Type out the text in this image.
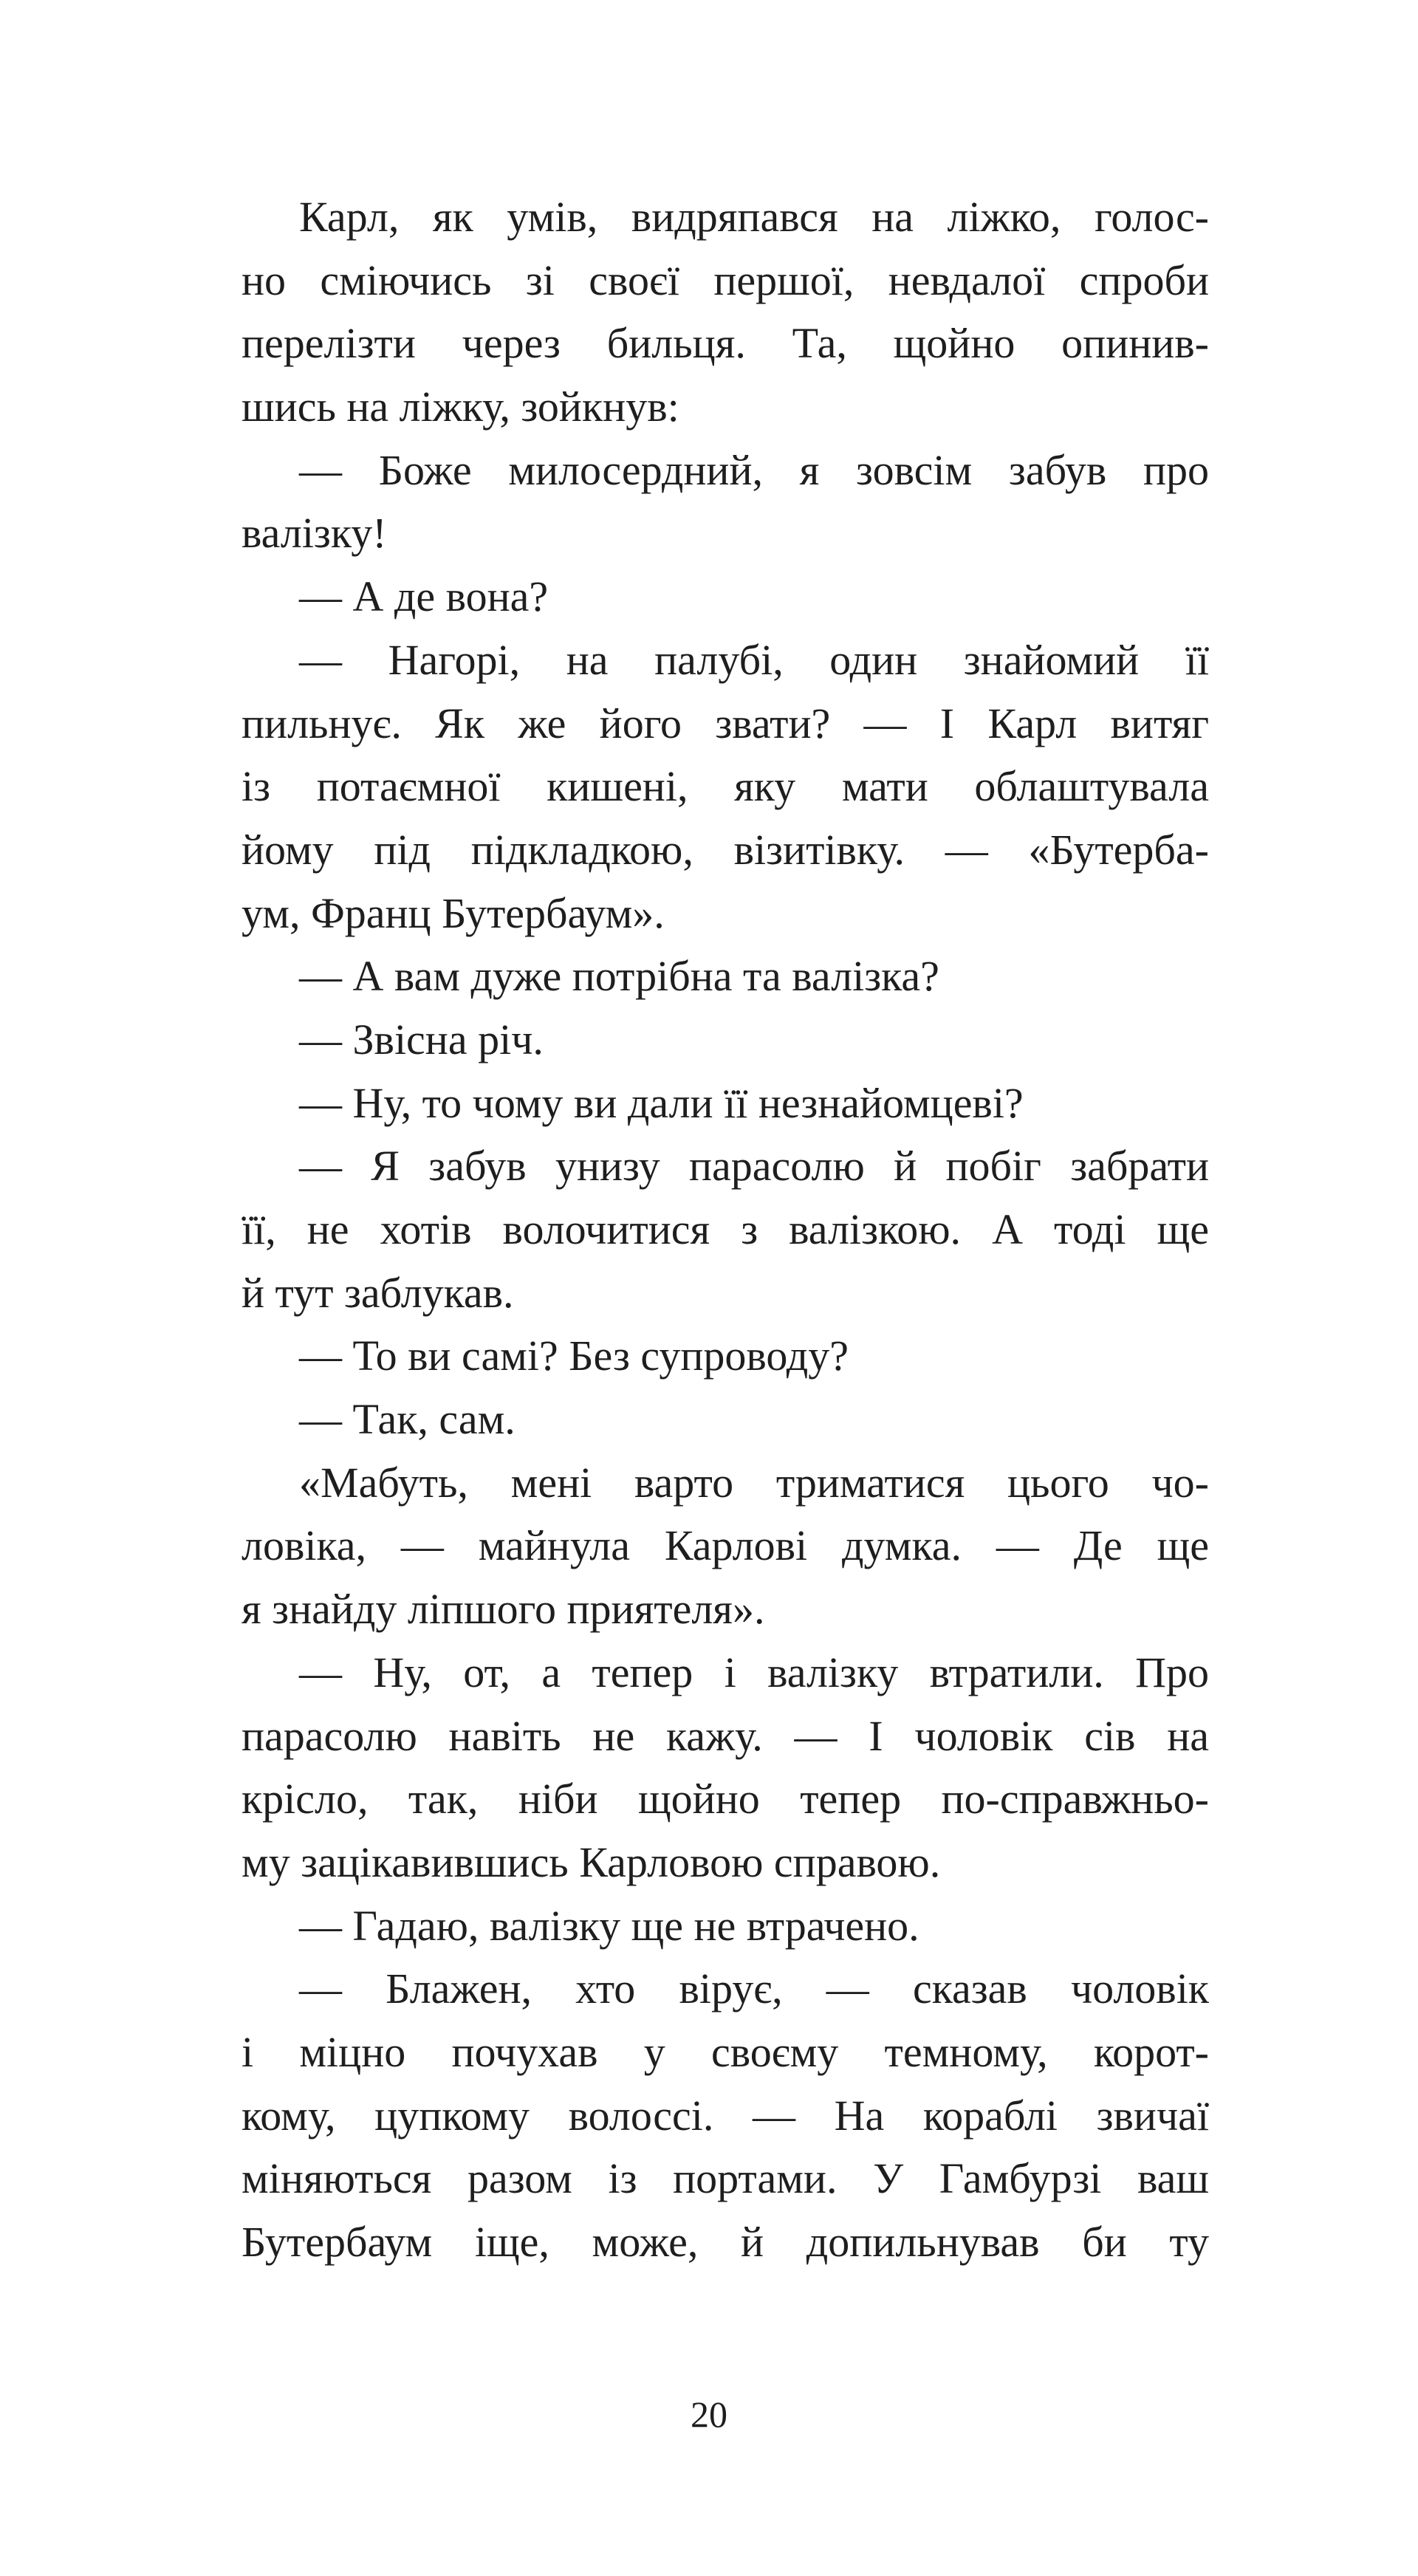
Карл, як умів, видряпався на ліжко, голос-
но сміючись зі своєї першої, невдалої спроби
перелізти через бильця. Та, щойно опинив-
шись на ліжку, зойкнув:
— Боже милосердний, я зовсім забув про
валізку!
— А де вона?
— Нагорі, на палубі, один знайомий її
пильнує. Як же його звати? — І Карл витяг
із потаємної кишені, яку мати облаштувала
йому під підкладкою, візитівку. — «Бутерба-
ум, Франц Бутербаум».
— А вам дуже потрібна та валізка?
— Звісна річ.
— Ну, то чому ви дали її незнайомцеві?
— Я забув унизу парасолю й побіг забрати
її, не хотів волочитися з валізкою. А тоді ще
й тут заблукав.
— То ви самі? Без супроводу?
— Так, сам.
«Мабуть, мені варто триматися цього чо-
ловіка, — майнула Карлові думка. — Де ще
я знайду ліпшого приятеля».
— Ну, от, а тепер і валізку втратили. Про
парасолю навіть не кажу. — І чоловік сів на
крісло, так, ніби щойно тепер по-справжньо-
му зацікавившись Карловою справою.
— Гадаю, валізку ще не втрачено.
— Блажен, хто вірує, — сказав чоловік
і міцно почухав у своєму темному, корот-
кому, цупкому волоссі. — На кораблі звичаї
міняються разом із портами. У Гамбурзі ваш
Бутербаум іще, може, й допильнував би ту
20
